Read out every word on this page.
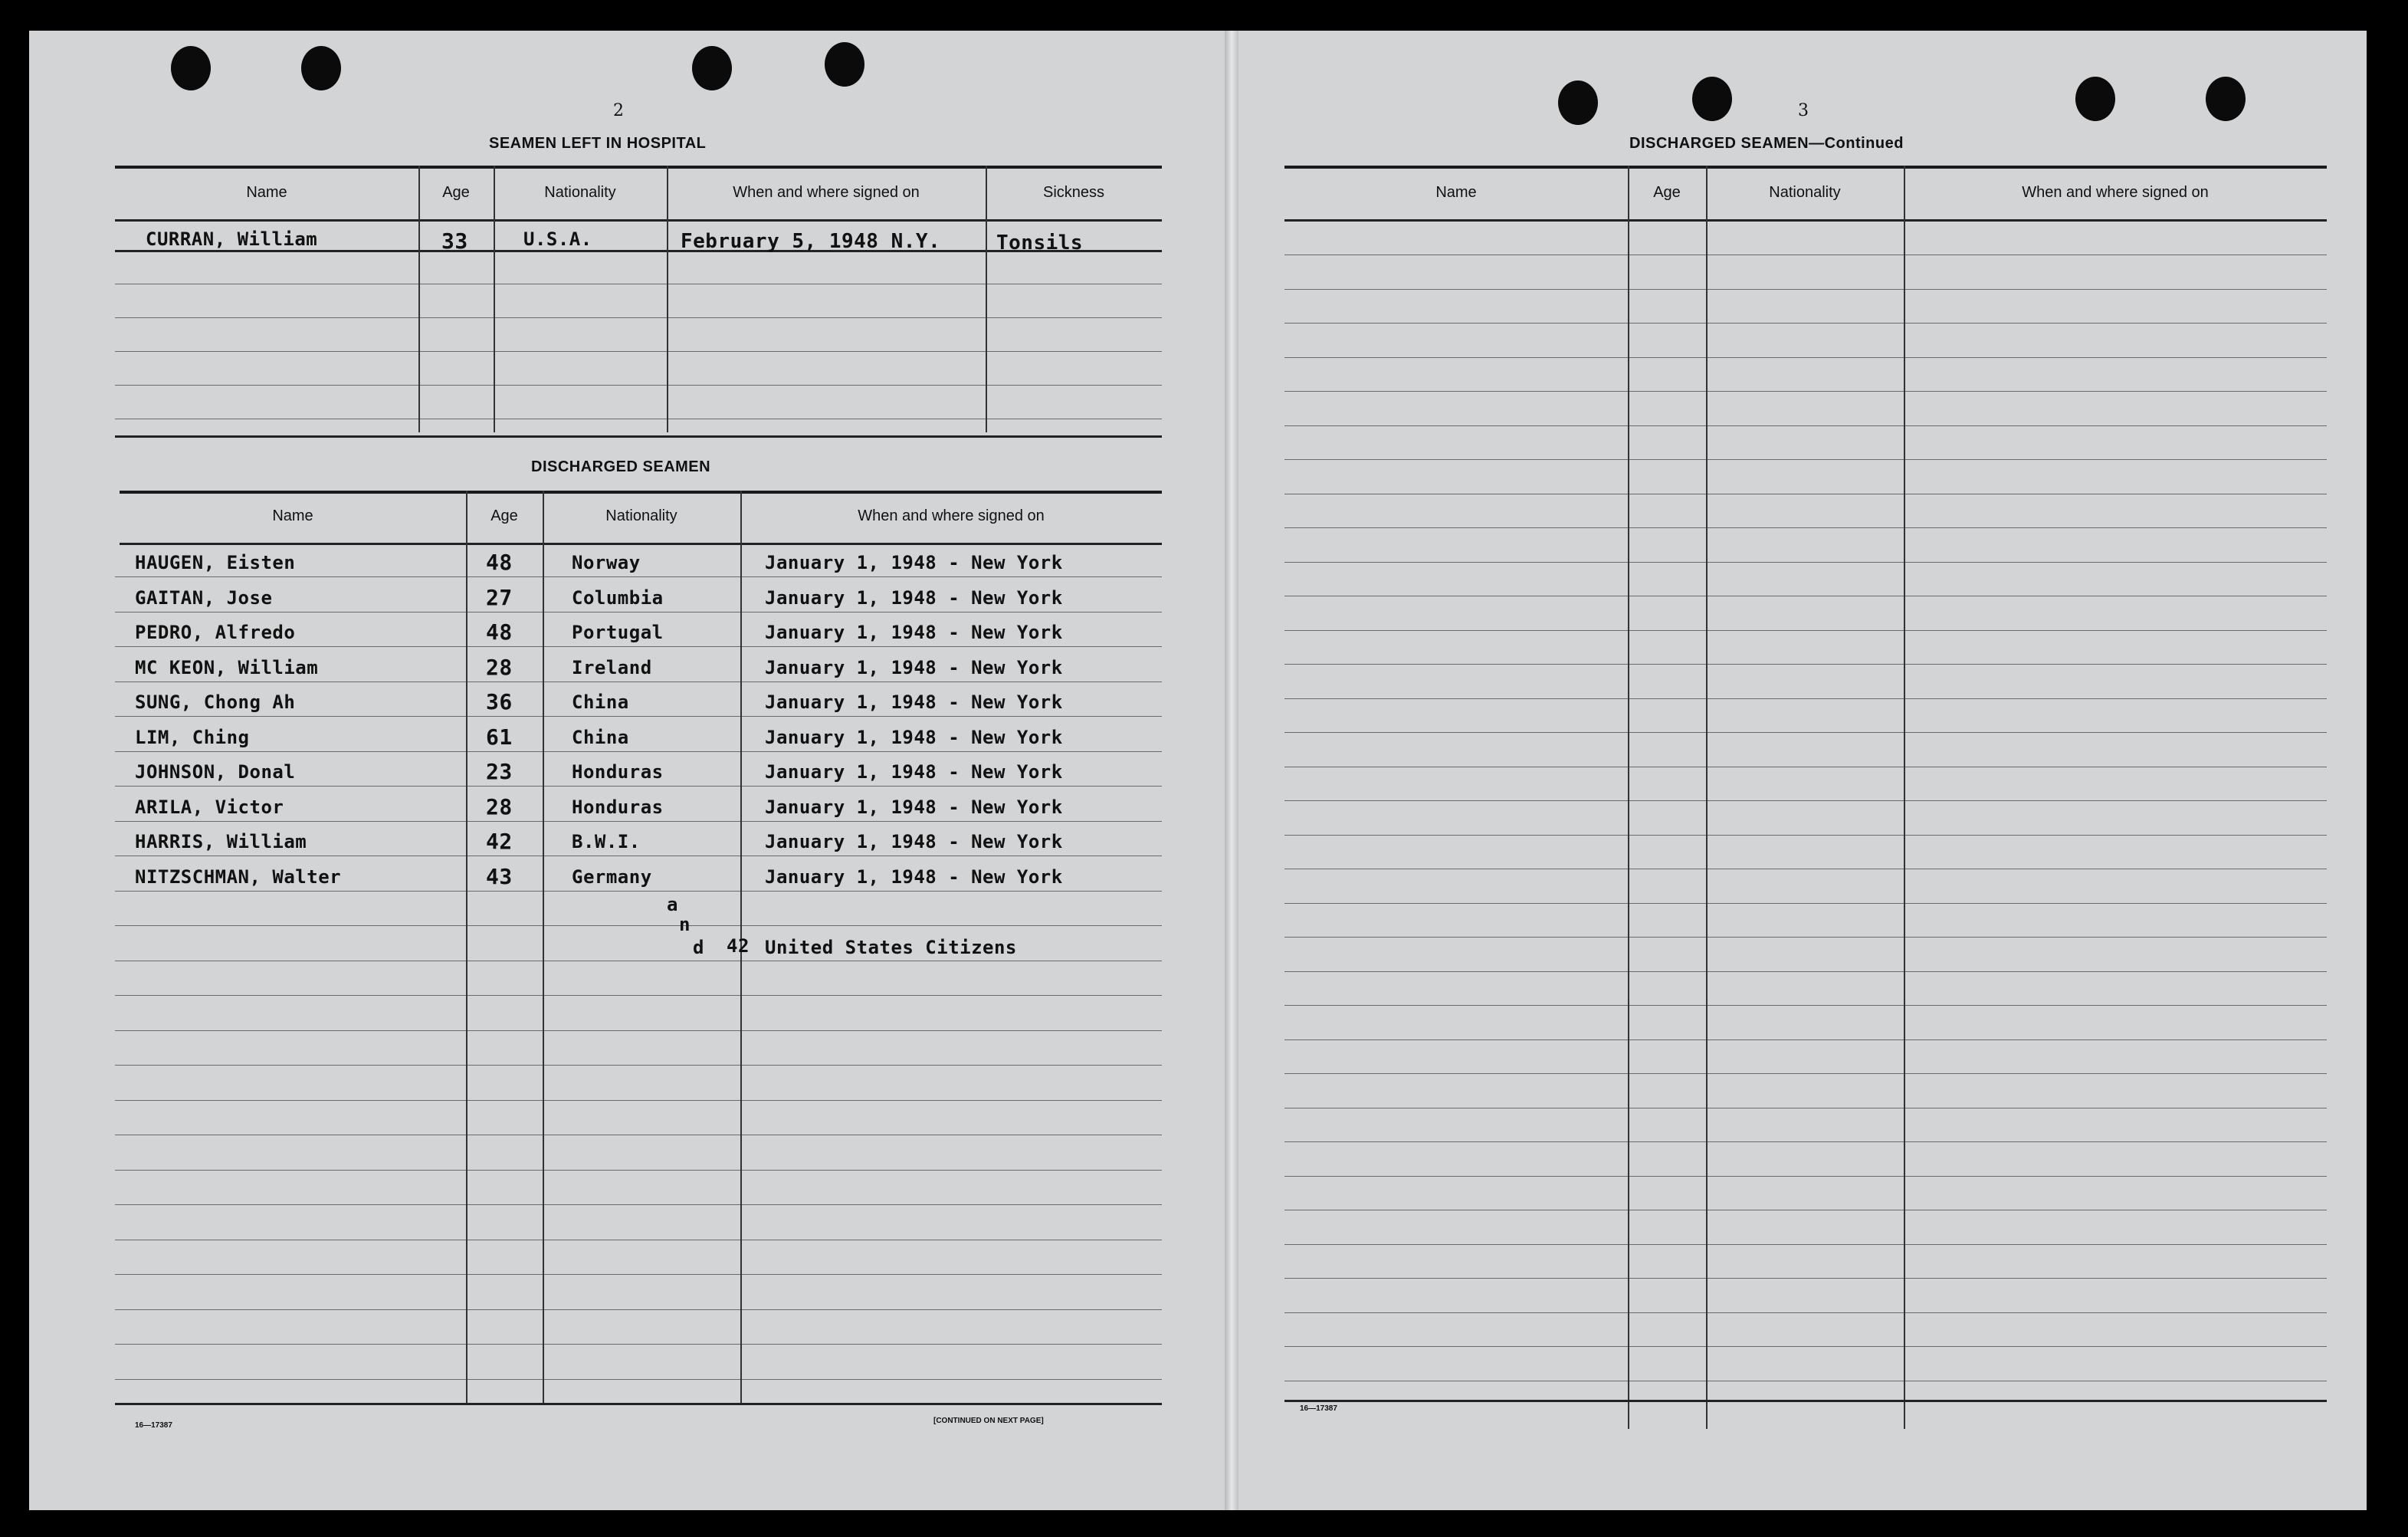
2
SEAMEN LEFT IN HOSPITAL
Name	Age	Nationality	When and where signed on	Sickness
CURRAN, William	33	U.S.A.	February 5, 1948 N.Y.	Tonsils
DISCHARGED SEAMEN
Name	Age	Nationality	When and where signed on
HAUGEN, Eisten	48	Norway	January 1, 1948 - New York
GAITAN, Jose	27	Columbia	January 1, 1948 - New York
PEDRO, Alfredo	48	Portugal	January 1, 1948 - New York
MC KEON, William	28	Ireland	January 1, 1948 - New York
SUNG, Chong Ah	36	China	January 1, 1948 - New York
LIM, Ching	61	China	January 1, 1948 - New York
JOHNSON, Donal	23	Honduras	January 1, 1948 - New York
ARILA, Victor	28	Honduras	January 1, 1948 - New York
HARRIS, William	42	B.W.I.	January 1, 1948 - New York
NITZSCHMAN, Walter	43	Germany	January 1, 1948 - New York
a
n
d 42 United States Citizens
16—17387
[CONTINUED ON NEXT PAGE]
3
DISCHARGED SEAMEN—Continued
Name	Age	Nationality	When and where signed on
16—17387
